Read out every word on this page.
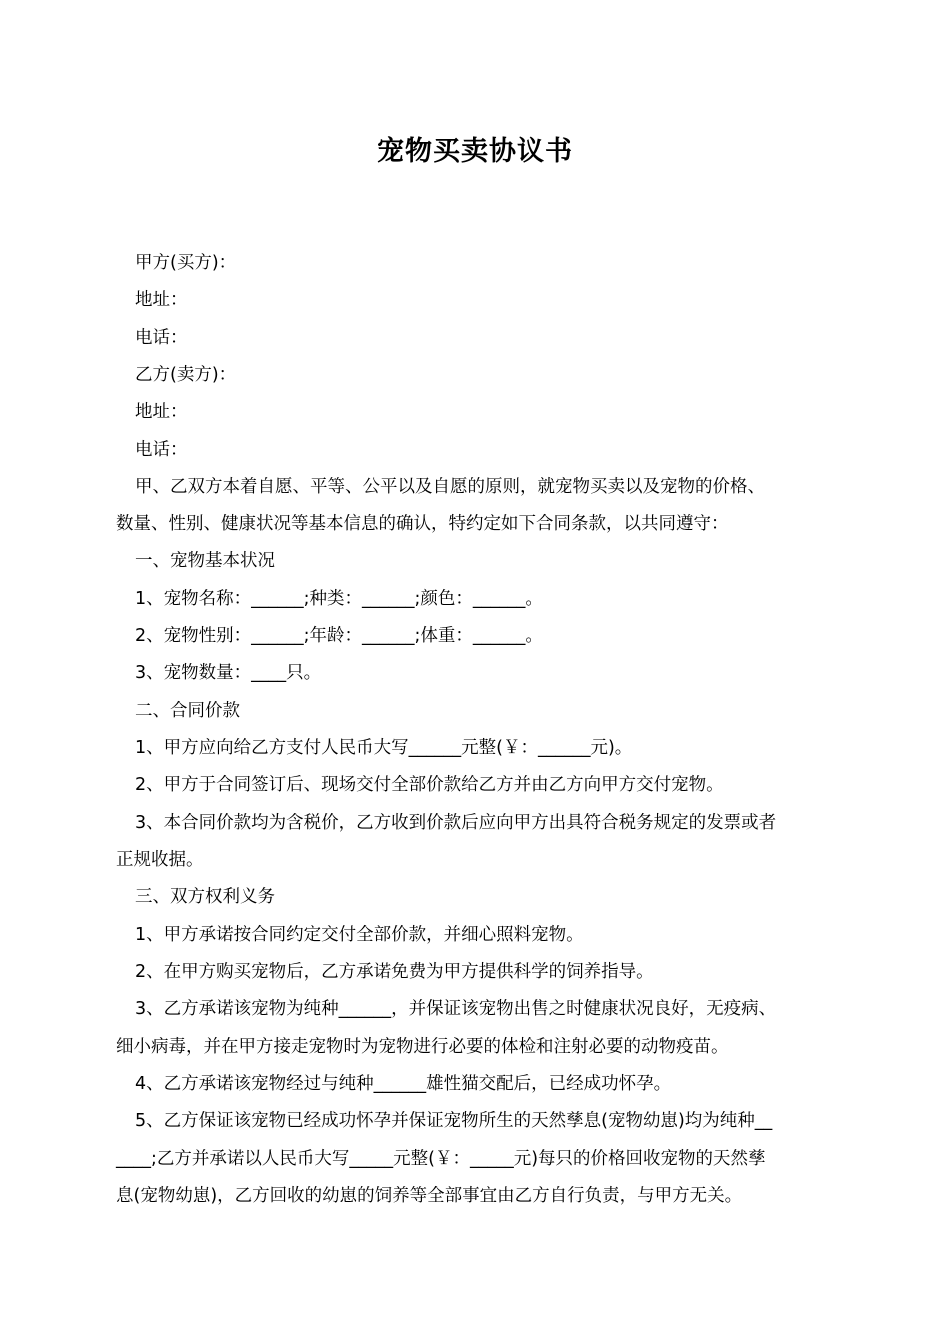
宠物买卖协议书
甲方(买方)：
地址：
电话：
乙方(卖方)：
地址：
电话：
甲、乙双方本着自愿、平等、公平以及自愿的原则，就宠物买卖以及宠物的价格、
数量、性别、健康状况等基本信息的确认，特约定如下合同条款，以共同遵守：
一、宠物基本状况
1、宠物名称：______;种类：______;颜色：______。
2、宠物性别：______;年龄：______;体重：______。
3、宠物数量：____只。
二、合同价款
1、甲方应向给乙方支付人民币大写______元整(￥：______元)。
2、甲方于合同签订后、现场交付全部价款给乙方并由乙方向甲方交付宠物。
3、本合同价款均为含税价，乙方收到价款后应向甲方出具符合税务规定的发票或者
正规收据。
三、双方权利义务
1、甲方承诺按合同约定交付全部价款，并细心照料宠物。
2、在甲方购买宠物后，乙方承诺免费为甲方提供科学的饲养指导。
3、乙方承诺该宠物为纯种______，并保证该宠物出售之时健康状况良好，无疫病、
细小病毒，并在甲方接走宠物时为宠物进行必要的体检和注射必要的动物疫苗。
4、乙方承诺该宠物经过与纯种______雄性猫交配后，已经成功怀孕。
5、乙方保证该宠物已经成功怀孕并保证宠物所生的天然孳息(宠物幼崽)均为纯种__
____;乙方并承诺以人民币大写_____元整(￥：_____元)每只的价格回收宠物的天然孳
息(宠物幼崽)，乙方回收的幼崽的饲养等全部事宜由乙方自行负责，与甲方无关。
